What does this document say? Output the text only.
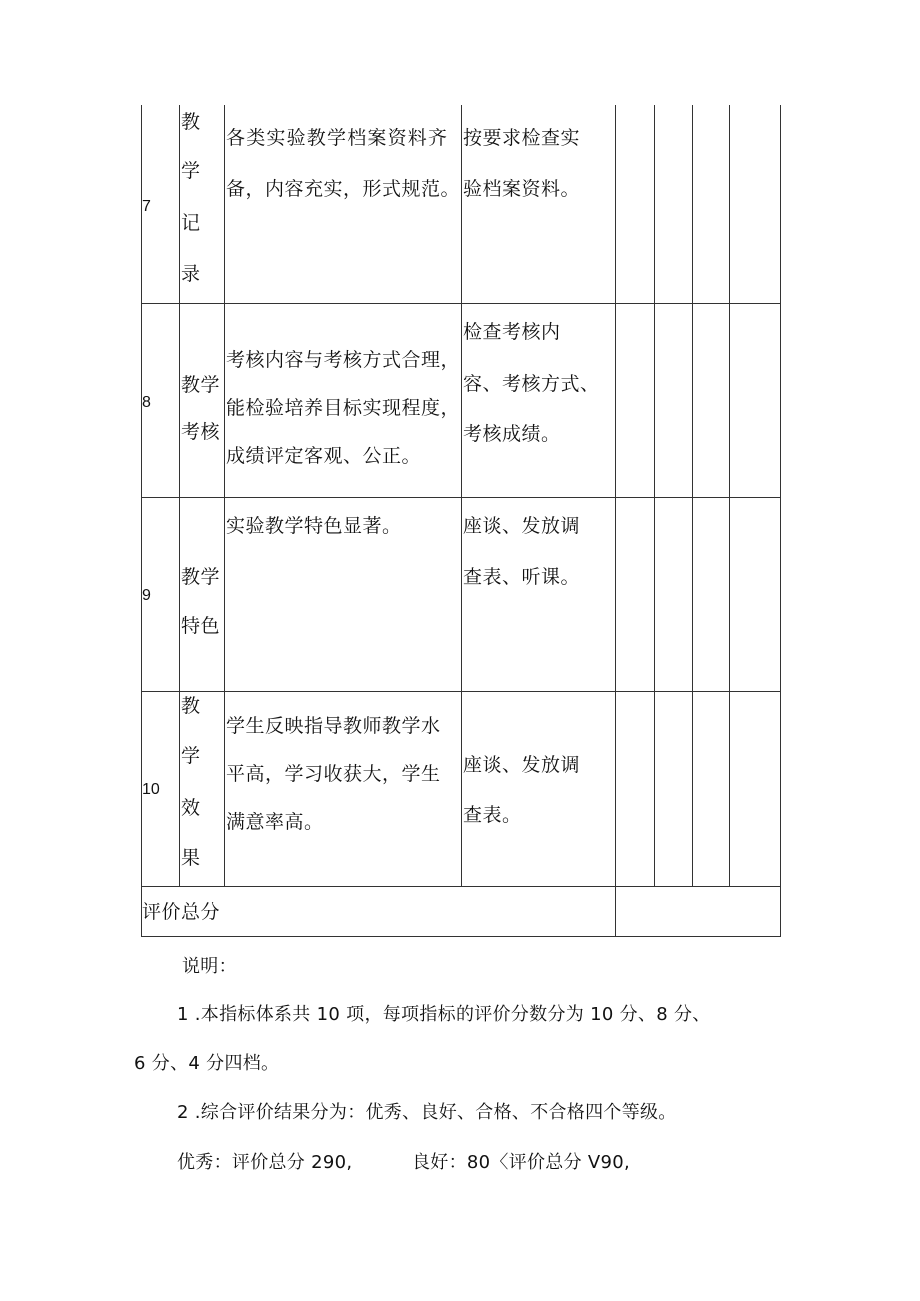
7
教
学
记
录
各类实验教学档案资料齐
备，内容充实，形式规范。
按要求检查实
验档案资料。
8
教学
考核
考核内容与考核方式合理，
能检验培养目标实现程度，
成绩评定客观、公正。
检查考核内
容、考核方式、
考核成绩。
9
教学
特色
实验教学特色显著。	座谈、发放调
查表、听课。
10
教
学
效
果
学生反映指导教师教学水
平高，学习收获大，学生
满意率高。
座谈、发放调
查表。
评价总分
说明：
1 .本指标体系共 10 项，每项指标的评价分数分为 10 分、8 分、
6 分、4 分四档。
2 .综合评价结果分为：优秀、良好、合格、不合格四个等级。
优秀：评价总分 290,	良好：80〈评价总分 V90,
